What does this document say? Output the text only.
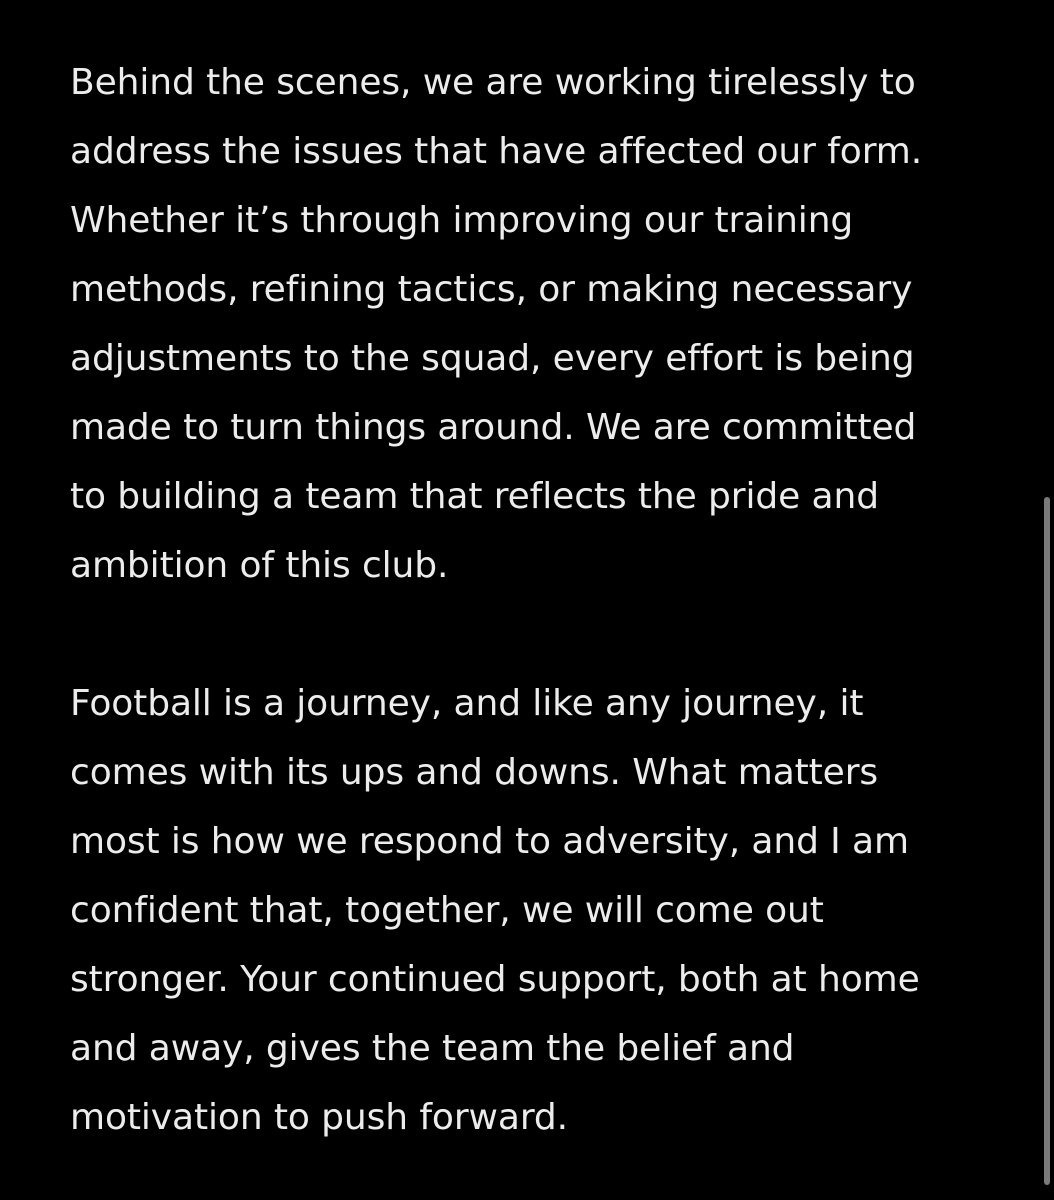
Behind the scenes, we are working tirelessly to
address the issues that have affected our form.
Whether it’s through improving our training
methods, refining tactics, or making necessary
adjustments to the squad, every effort is being
made to turn things around. We are committed
to building a team that reflects the pride and
ambition of this club.
Football is a journey, and like any journey, it
comes with its ups and downs. What matters
most is how we respond to adversity, and I am
confident that, together, we will come out
stronger. Your continued support, both at home
and away, gives the team the belief and
motivation to push forward.
